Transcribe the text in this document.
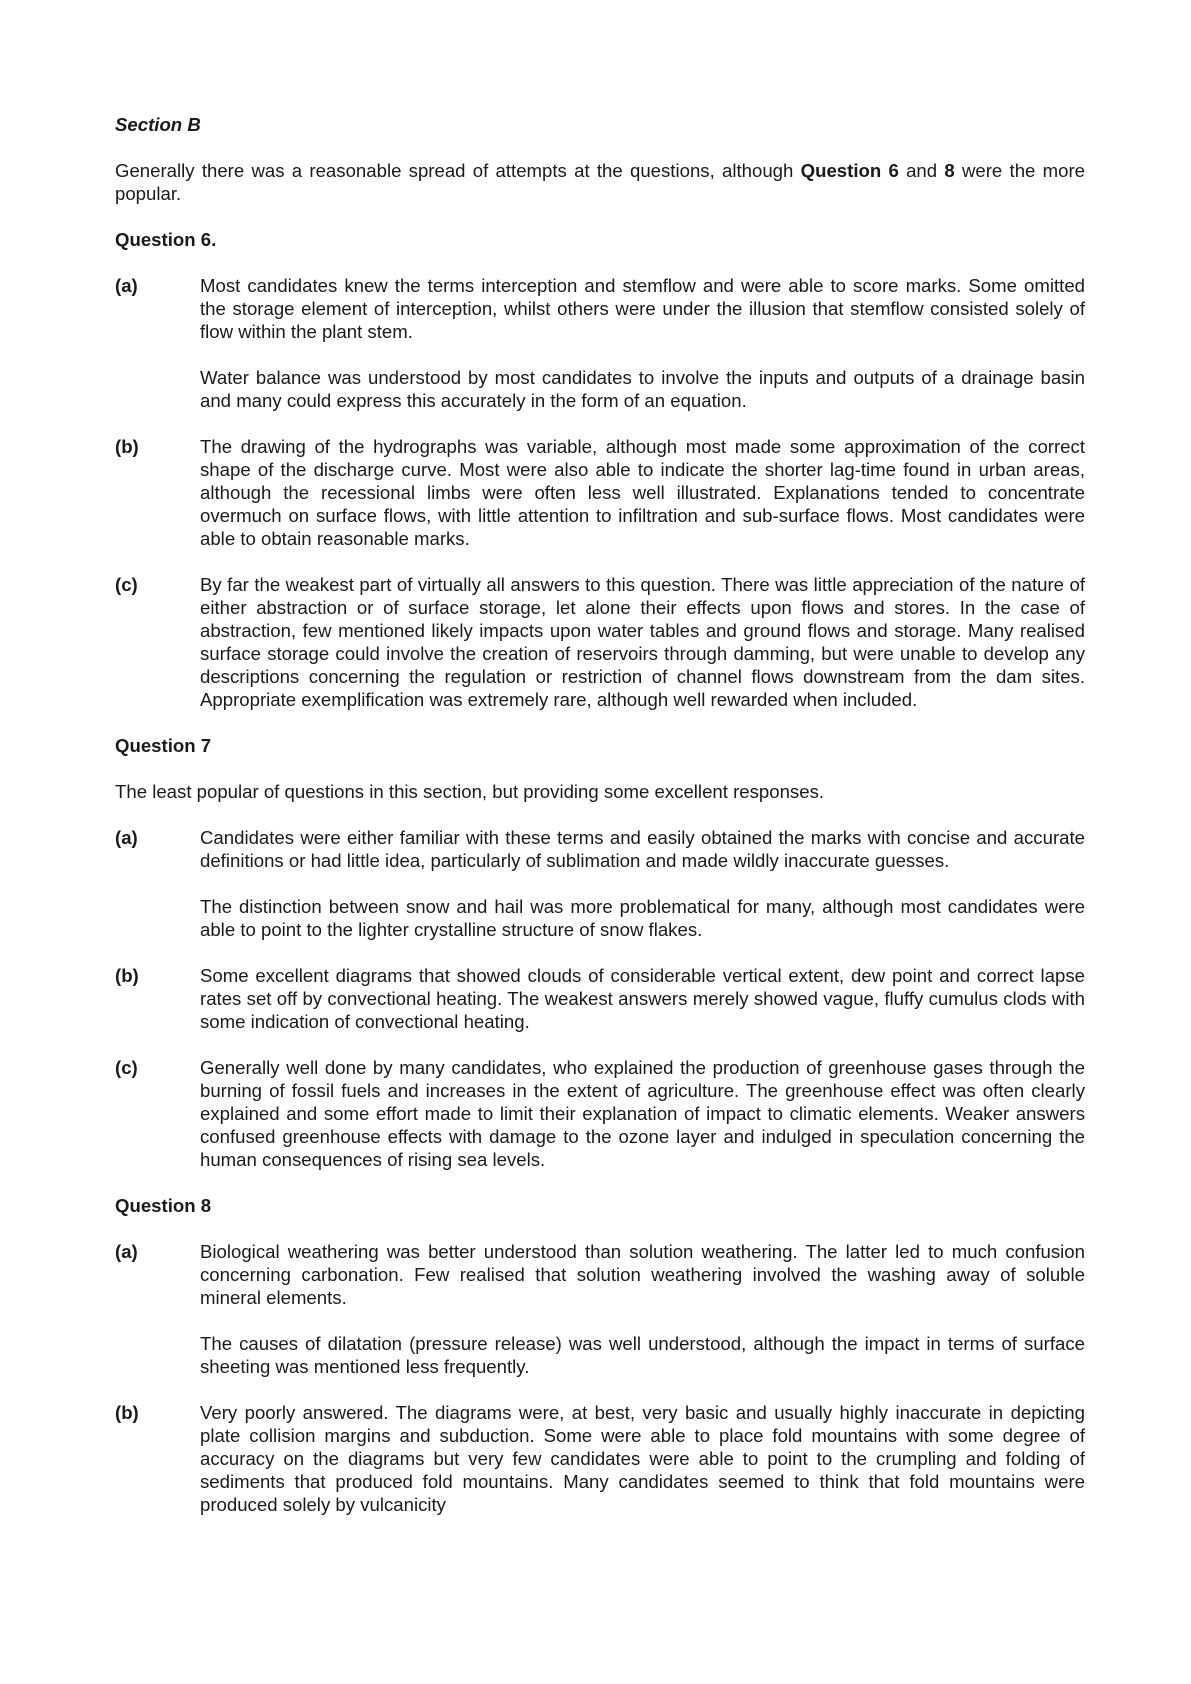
Section B

Generally there was a reasonable spread of attempts at the questions, although Question 6 and 8 were the more popular.

Question 6.

(a)	Most candidates knew the terms interception and stemflow and were able to score marks. Some omitted the storage element of interception, whilst others were under the illusion that stemflow consisted solely of flow within the plant stem.

Water balance was understood by most candidates to involve the inputs and outputs of a drainage basin and many could express this accurately in the form of an equation.

(b)	The drawing of the hydrographs was variable, although most made some approximation of the correct shape of the discharge curve. Most were also able to indicate the shorter lag-time found in urban areas, although the recessional limbs were often less well illustrated. Explanations tended to concentrate overmuch on surface flows, with little attention to infiltration and sub-surface flows. Most candidates were able to obtain reasonable marks.

(c)	By far the weakest part of virtually all answers to this question. There was little appreciation of the nature of either abstraction or of surface storage, let alone their effects upon flows and stores. In the case of abstraction, few mentioned likely impacts upon water tables and ground flows and storage. Many realised surface storage could involve the creation of reservoirs through damming, but were unable to develop any descriptions concerning the regulation or restriction of channel flows downstream from the dam sites. Appropriate exemplification was extremely rare, although well rewarded when included.

Question 7

The least popular of questions in this section, but providing some excellent responses.

(a)	Candidates were either familiar with these terms and easily obtained the marks with concise and accurate definitions or had little idea, particularly of sublimation and made wildly inaccurate guesses.

The distinction between snow and hail was more problematical for many, although most candidates were able to point to the lighter crystalline structure of snow flakes.

(b)	Some excellent diagrams that showed clouds of considerable vertical extent, dew point and correct lapse rates set off by convectional heating. The weakest answers merely showed vague, fluffy cumulus clods with some indication of convectional heating.

(c)	Generally well done by many candidates, who explained the production of greenhouse gases through the burning of fossil fuels and increases in the extent of agriculture. The greenhouse effect was often clearly explained and some effort made to limit their explanation of impact to climatic elements. Weaker answers confused greenhouse effects with damage to the ozone layer and indulged in speculation concerning the human consequences of rising sea levels.

Question 8

(a)	Biological weathering was better understood than solution weathering. The latter led to much confusion concerning carbonation. Few realised that solution weathering involved the washing away of soluble mineral elements.

The causes of dilatation (pressure release) was well understood, although the impact in terms of surface sheeting was mentioned less frequently.

(b)	Very poorly answered. The diagrams were, at best, very basic and usually highly inaccurate in depicting plate collision margins and subduction. Some were able to place fold mountains with some degree of accuracy on the diagrams but very few candidates were able to point to the crumpling and folding of sediments that produced fold mountains. Many candidates seemed to think that fold mountains were produced solely by vulcanicity
